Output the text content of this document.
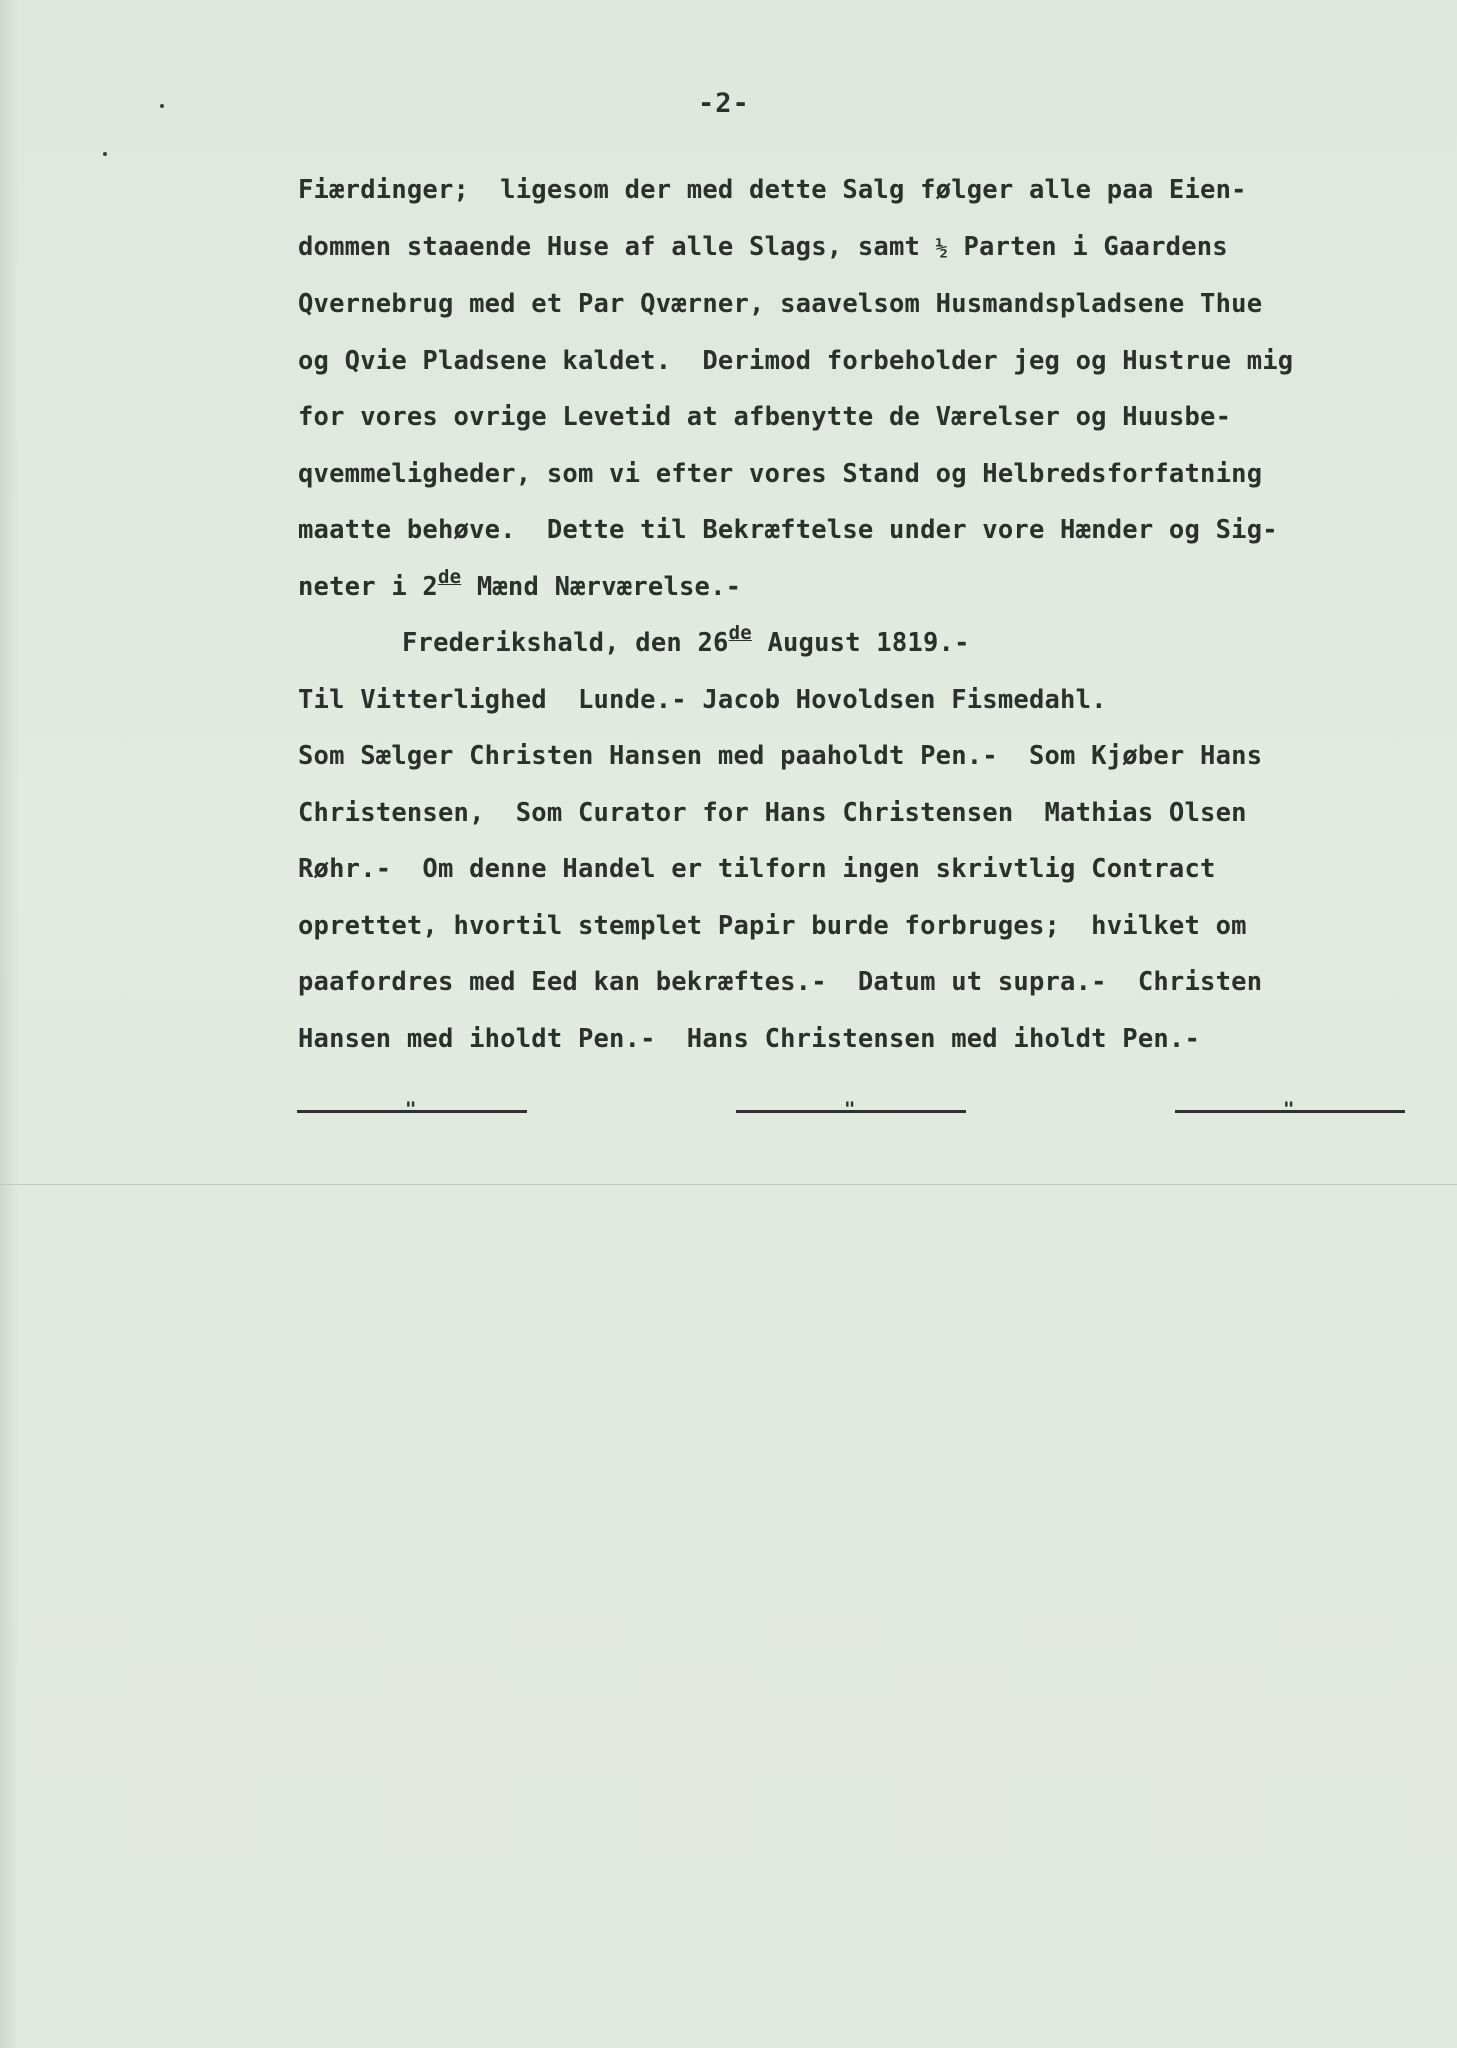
-2-
Fiærdinger;  ligesom der med dette Salg følger alle paa Eien-
dommen staaende Huse af alle Slags, samt ½ Parten i Gaardens
Qvernebrug med et Par Qværner, saavelsom Husmandspladsene Thue
og Qvie Pladsene kaldet.  Derimod forbeholder jeg og Hustrue mig
for vores ovrige Levetid at afbenytte de Værelser og Huusbe-
qvemmeligheder, som vi efter vores Stand og Helbredsforfatning
maatte behøve.  Dette til Bekræftelse under vore Hænder og Sig-
neter i 2de Mænd Nærværelse.-
Frederikshald, den 26de August 1819.-
Til Vitterlighed  Lunde.- Jacob Hovoldsen Fismedahl.
Som Sælger Christen Hansen med paaholdt Pen.-  Som Kjøber Hans
Christensen,  Som Curator for Hans Christensen  Mathias Olsen
Røhr.-  Om denne Handel er tilforn ingen skrivtlig Contract
oprettet, hvortil stemplet Papir burde forbruges;  hvilket om
paafordres med Eed kan bekræftes.-  Datum ut supra.-  Christen
Hansen med iholdt Pen.-  Hans Christensen med iholdt Pen.-
"	"	"
